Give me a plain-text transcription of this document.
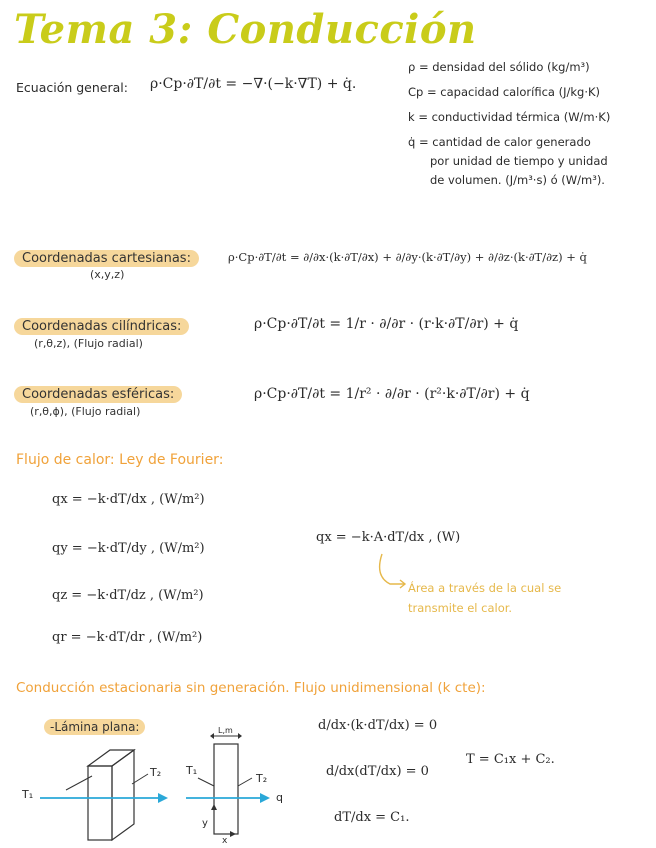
Tema 3: Conducción
Ecuación general: ρ·Cp·∂T/∂t = −∇·(−k·∇T) + q̇.
ρ = densidad del sólido (kg/m³)
Cp = capacidad calorífica (J/kg·K)
k = conductividad térmica (W/m·K)
q̇ = cantidad de calor generado
por unidad de tiempo y unidad
de volumen. (J/m³·s) ó (W/m³).
Coordenadas cartesianas:
(x,y,z)
ρ·Cp·∂T/∂t = ∂/∂x·(k·∂T/∂x) + ∂/∂y·(k·∂T/∂y) + ∂/∂z·(k·∂T/∂z) + q̇
Coordenadas cilíndricas:
(r,θ,z), (Flujo radial)
ρ·Cp·∂T/∂t = 1/r · ∂/∂r · (r·k·∂T/∂r) + q̇
Coordenadas esféricas:
(r,θ,ϕ), (Flujo radial)
ρ·Cp·∂T/∂t = 1/r² · ∂/∂r · (r²·k·∂T/∂r) + q̇
Flujo de calor: Ley de Fourier:
qx = −k·dT/dx , (W/m²)
qy = −k·dT/dy , (W/m²)
qz = −k·dT/dz , (W/m²)
qr = −k·dT/dr , (W/m²)
qx = −k·A·dT/dx , (W)
Área a través de la cual se
transmite el calor.
Conducción estacionaria sin generación. Flujo unidimensional (k cte):
-Lámina plana:
T₁
T₂
L,m
T₁
T₂
q
y
x
d/dx·(k·dT/dx) = 0
d/dx(dT/dx) = 0
dT/dx = C₁.
T = C₁x + C₂.
